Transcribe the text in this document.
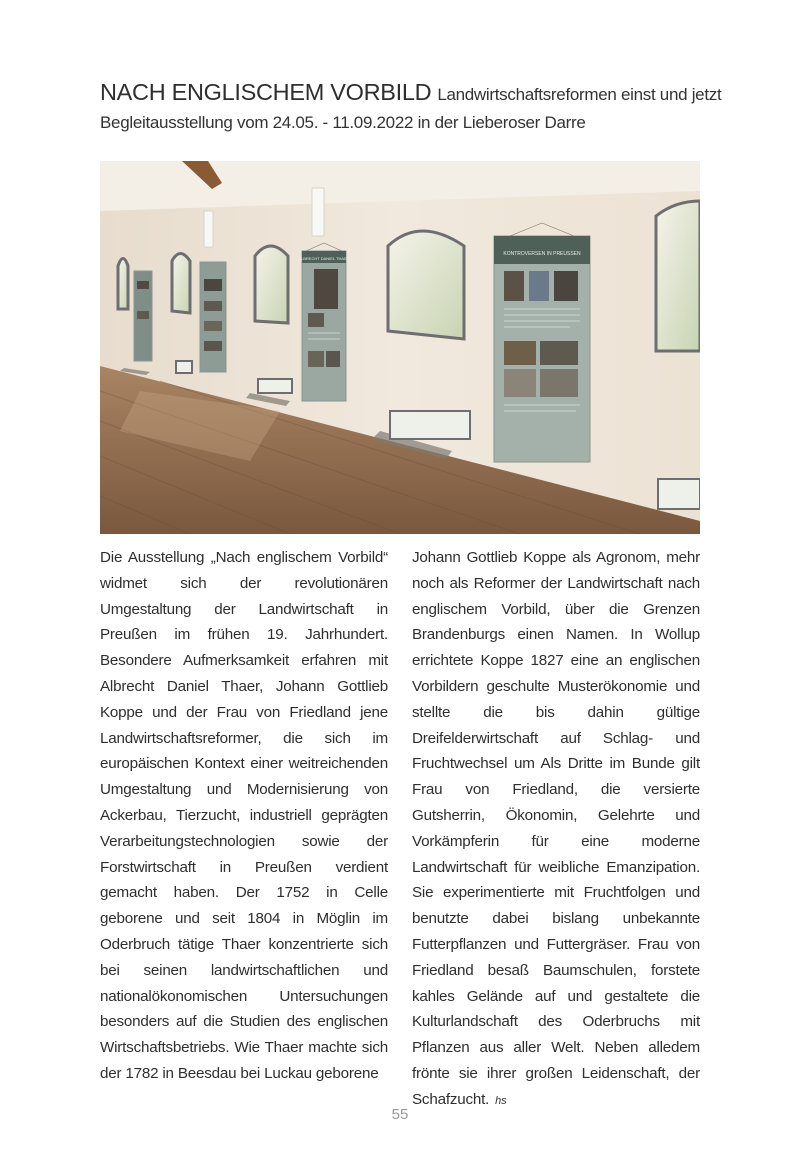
NACH ENGLISCHEM VORBILD Landwirtschaftsreformen einst und jetzt
Begleitausstellung vom 24.05. - 11.09.2022 in der Lieberoser Darre
ALBRECHT DANIEL THAER
KONTROVERSEN IN PREUSSEN
Die Ausstellung „Nach englischem Vorbild“ widmet sich der revolutionären Umgestaltung der Landwirtschaft in Preußen im frühen 19. Jahrhundert. Besondere Aufmerksamkeit erfahren mit Albrecht Daniel Thaer, Johann Gottlieb Koppe und der Frau von Friedland jene Landwirtschaftsreformer, die sich im europäischen Kontext einer weitreichenden Umgestaltung und Modernisierung von Ackerbau, Tierzucht, industriell geprägten Verarbeitungstechnologien sowie der Forstwirtschaft in Preußen verdient gemacht haben. Der 1752 in Celle geborene und seit 1804 in Möglin im Oderbruch tätige Thaer konzentrierte sich bei seinen landwirtschaftlichen und nationalökonomischen Untersuchungen besonders auf die Studien des englischen Wirtschaftsbetriebs. Wie Thaer machte sich der 1782 in Beesdau bei Luckau geborene
Johann Gottlieb Koppe als Agronom, mehr noch als Reformer der Landwirtschaft nach englischem Vorbild, über die Grenzen Brandenburgs einen Namen. In Wollup errichtete Koppe 1827 eine an englischen Vorbildern geschulte Musterökonomie und stellte die bis dahin gültige Dreifelderwirtschaft auf Schlag- und Fruchtwechsel um Als Dritte im Bunde gilt Frau von Friedland, die versierte Gutsherrin, Ökonomin, Gelehrte und Vorkämpferin für eine moderne Landwirtschaft für weibliche Emanzipation. Sie experimentierte mit Fruchtfolgen und benutzte dabei bislang unbekannte Futterpflanzen und Futtergräser. Frau von Friedland besaß Baumschulen, forstete kahles Gelände auf und gestaltete die Kulturlandschaft des Oderbruchs mit Pflanzen aus aller Welt. Neben alledem frönte sie ihrer großen Leidenschaft, der Schafzucht. hs
55
